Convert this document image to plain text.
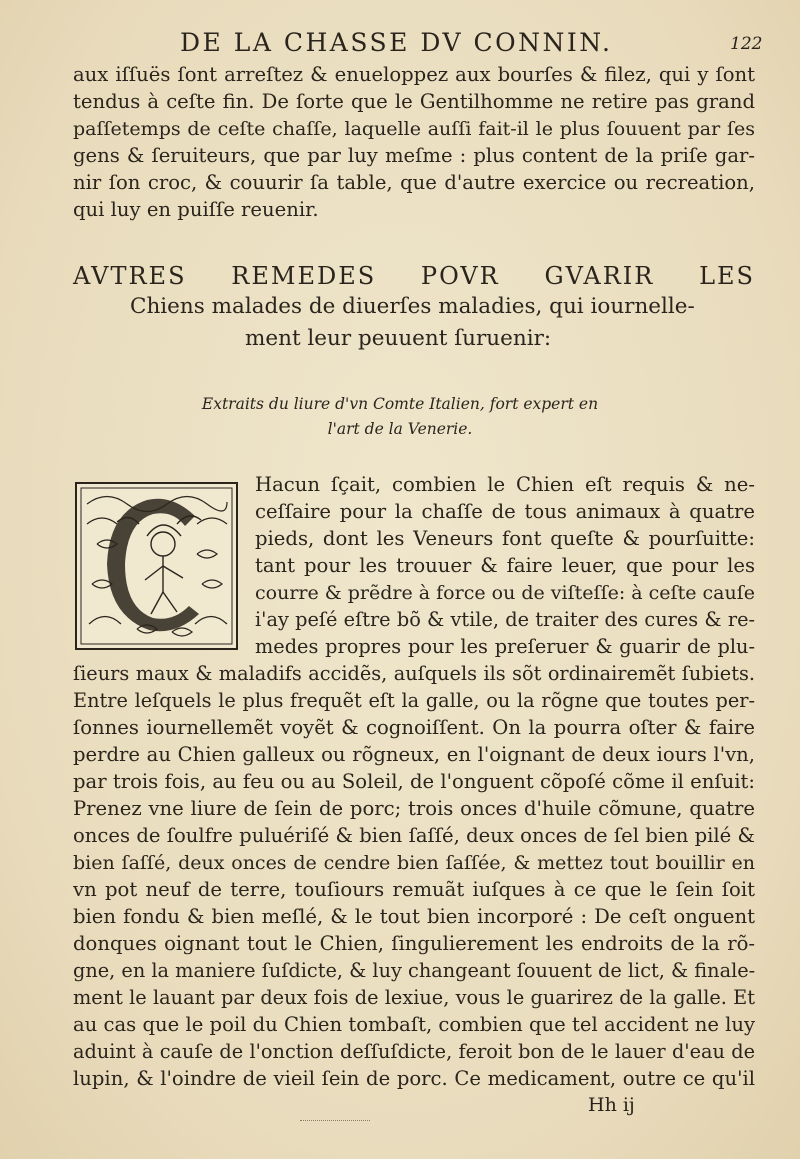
DE LA CHASSE DV CONNIN.	122
aux iſſuës ſont arreſtez & enueloppez aux bourſes & filez, qui y ſont
tendus à ceſte fin. De ſorte que le Gentilhomme ne retire pas grand
paſſetemps de ceſte chaſſe, laquelle auſſi fait-il le plus ſouuent par ſes
gens & ſeruiteurs, que par luy meſme : plus content de la priſe gar-
nir ſon croc, & couurir ſa table, que d'autre exercice ou recreation,
qui luy en puiſſe reuenir.
AVTRES REMEDES POVR GVARIR LES
Chiens malades de diuerſes maladies, qui iournelle-
ment leur peuuent ſuruenir:
Extraits du liure d'vn Comte Italien, fort expert en
l'art de la Venerie.
Hacun ſçait, combien le Chien eſt requis & ne-
ceſſaire pour la chaſſe de tous animaux à quatre
pieds, dont les Veneurs font queſte & pourſuitte:
tant pour les trouuer & faire leuer, que pour les
courre & prẽdre à force ou de viſteſſe: à ceſte cauſe
i'ay peſé eſtre bõ & vtile, de traiter des cures & re-
medes propres pour les preſeruer & guarir de plu-
ſieurs maux & maladifs accidẽs, auſquels ils sõt ordinairemẽt ſubiets.
Entre leſquels le plus frequẽt eſt la galle, ou la rõgne que toutes per-
ſonnes iournellemẽt voyẽt & cognoiſſent. On la pourra oſter & faire
perdre au Chien galleux ou rõgneux, en l'oignant de deux iours l'vn,
par trois fois, au feu ou au Soleil, de l'onguent cõpoſé cõme il enſuit:
Prenez vne liure de ſein de porc; trois onces d'huile cõmune, quatre
onces de ſoulfre puluériſé & bien ſaſſé, deux onces de ſel bien pilé &
bien ſaſſé, deux onces de cendre bien ſaſſée, & mettez tout bouillir en
vn pot neuf de terre, touſiours remuãt iuſques à ce que le ſein ſoit
bien fondu & bien meſlé, & le tout bien incorporé : De ceſt onguent
donques oignant tout le Chien, ſingulierement les endroits de la rõ-
gne, en la maniere ſuſdicte, & luy changeant ſouuent de lict, & finale-
ment le lauant par deux fois de lexiue, vous le guarirez de la galle. Et
au cas que le poil du Chien tombaſt, combien que tel accident ne luy
aduint à cauſe de l'onction deſſuſdicte, feroit bon de le lauer d'eau de
lupin, & l'oindre de vieil ſein de porc. Ce medicament, outre ce qu'il
Hh ij
